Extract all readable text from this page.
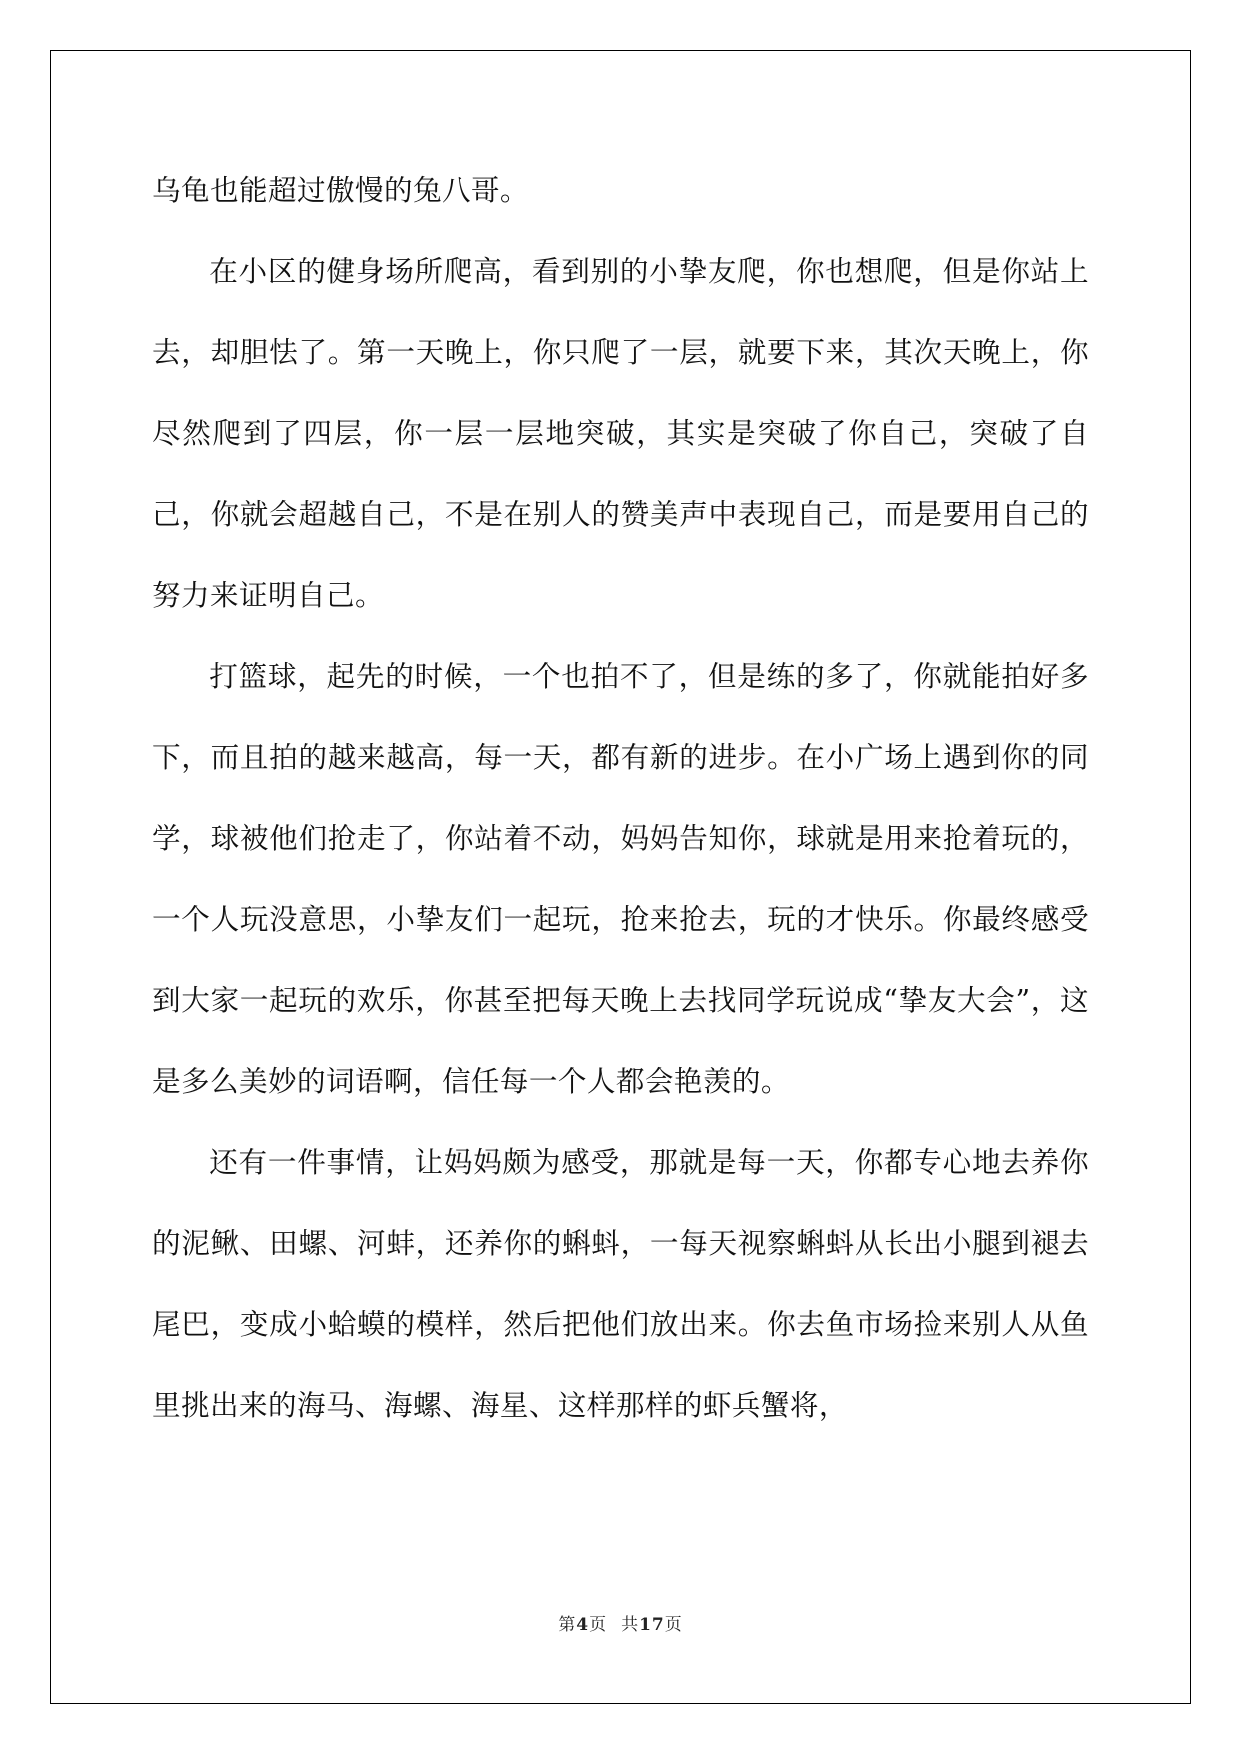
乌龟也能超过傲慢的兔八哥。

在小区的健身场所爬高，看到别的小挚友爬，你也想爬，但是你站上去，却胆怯了。第一天晚上，你只爬了一层，就要下来，其次天晚上，你尽然爬到了四层，你一层一层地突破，其实是突破了你自己，突破了自己，你就会超越自己，不是在别人的赞美声中表现自己，而是要用自己的努力来证明自己。

打篮球，起先的时候，一个也拍不了，但是练的多了，你就能拍好多下，而且拍的越来越高，每一天，都有新的进步。在小广场上遇到你的同学，球被他们抢走了，你站着不动，妈妈告知你，球就是用来抢着玩的，一个人玩没意思，小挚友们一起玩，抢来抢去，玩的才快乐。你最终感受到大家一起玩的欢乐，你甚至把每天晚上去找同学玩说成“挚友大会”，这是多么美妙的词语啊，信任每一个人都会艳羡的。

还有一件事情，让妈妈颇为感受，那就是每一天，你都专心地去养你的泥鳅、田螺、河蚌，还养你的蝌蚪，一每天视察蝌蚪从长出小腿到褪去尾巴，变成小蛤蟆的模样，然后把他们放出来。你去鱼市场捡来别人从鱼里挑出来的海马、海螺、海星、这样那样的虾兵蟹将，

第4页 共17页
